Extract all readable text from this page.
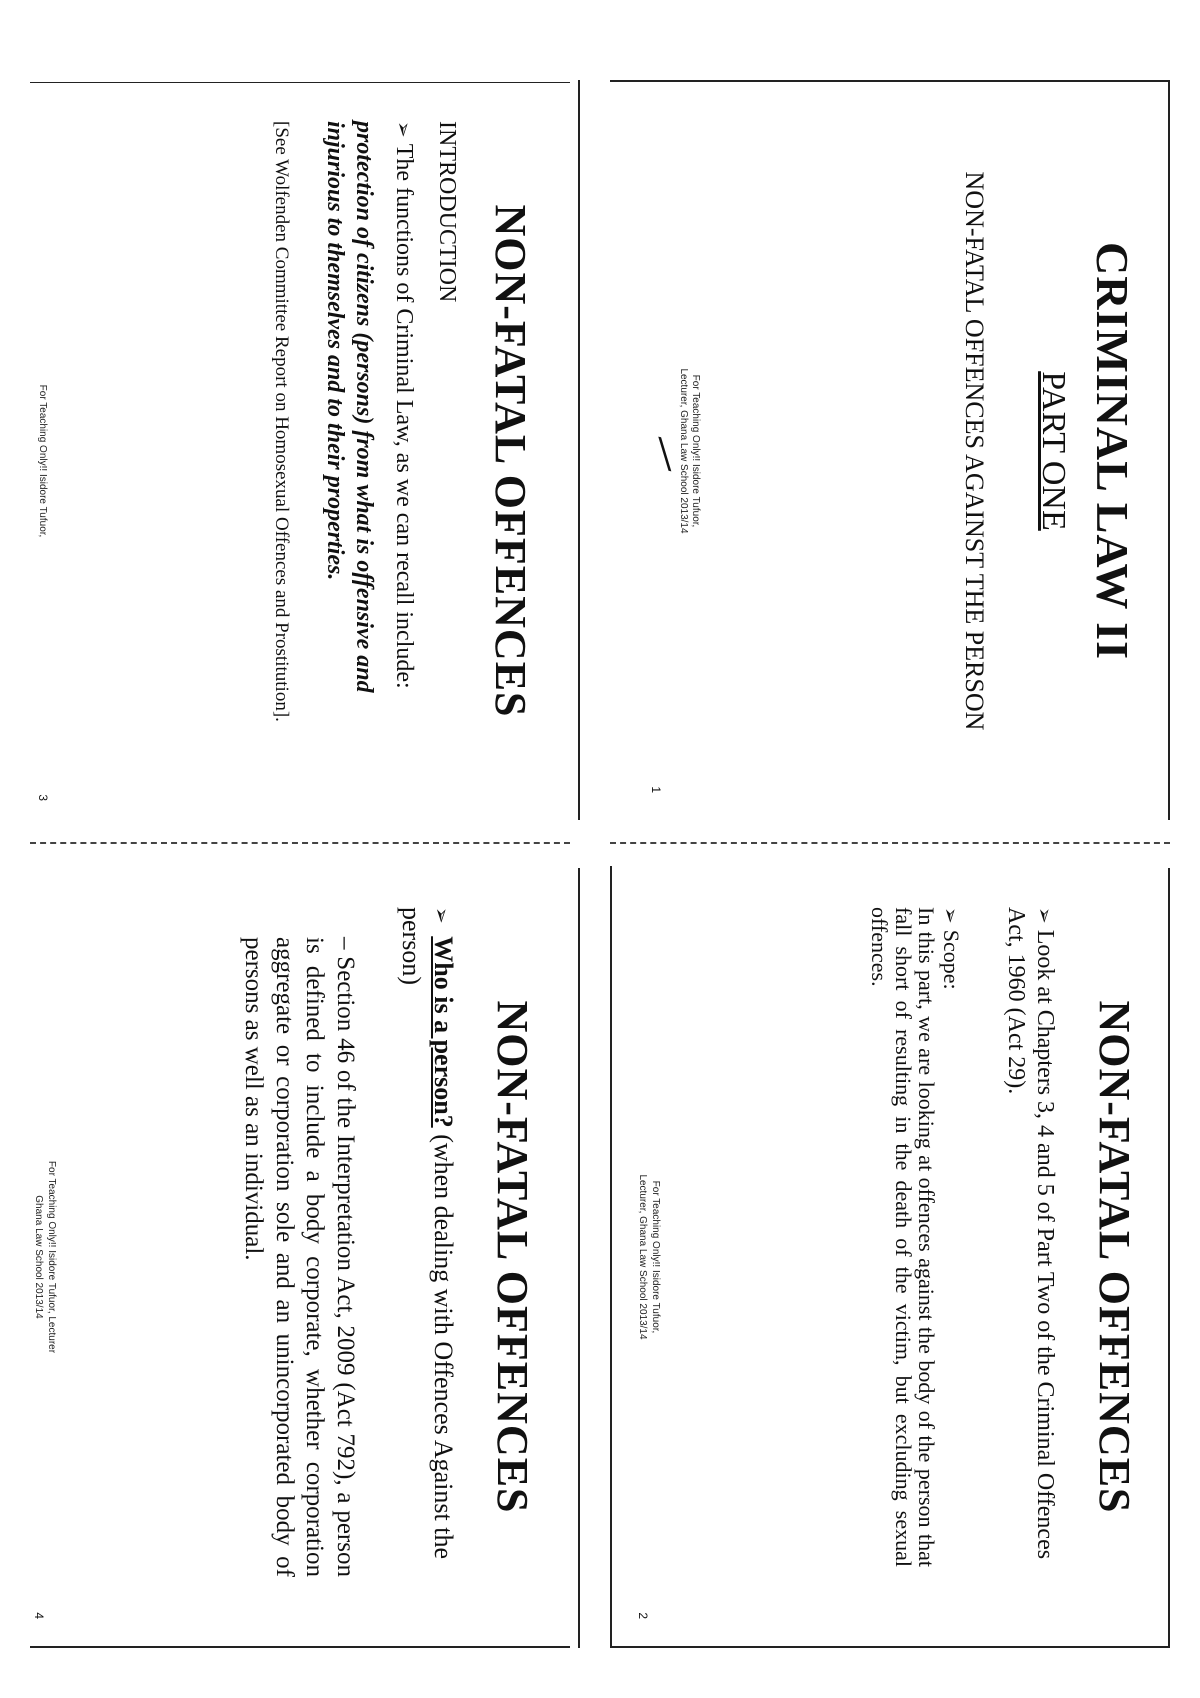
CRIMINAL LAW II

PART ONE

NON-FATAL OFFENCES AGAINST THE PERSON

For Teaching Only!! Isidore Tufuor,
Lecturer, Ghana Law School 2013/14
1
NON-FATAL OFFENCES

INTRODUCTION

➢ The functions of Criminal Law, as we can recall include:

protection of citizens (persons) from what is offensive and injurious to themselves and to their properties.

[See Wolfenden Committee Report on Homosexual Offences and Prostitution].

For Teaching Only!! Isidore Tufuor,
3
NON-FATAL OFFENCES

➢ Look at Chapters 3, 4 and 5 of Part Two of the Criminal Offences Act, 1960 (Act 29).

➢ Scope:

In this part, we are looking at offences against the body of the person that fall short of resulting in the death of the victim, but excluding sexual offences.

For Teaching Only!! Isidore Tufuor,
Lecturer, Ghana Law School 2013/14
2
NON-FATAL OFFENCES

➢ Who is a person? (when dealing with Offences Against the person)

– Section 46 of the Interpretation Act, 2009 (Act 792), a person is defined to include a body corporate, whether corporation aggregate or corporation sole and an unincorporated body of persons as well as an individual.

For Teaching Only!! Isidore Tufuor, Lecturer
Ghana Law School 2013/14
4
